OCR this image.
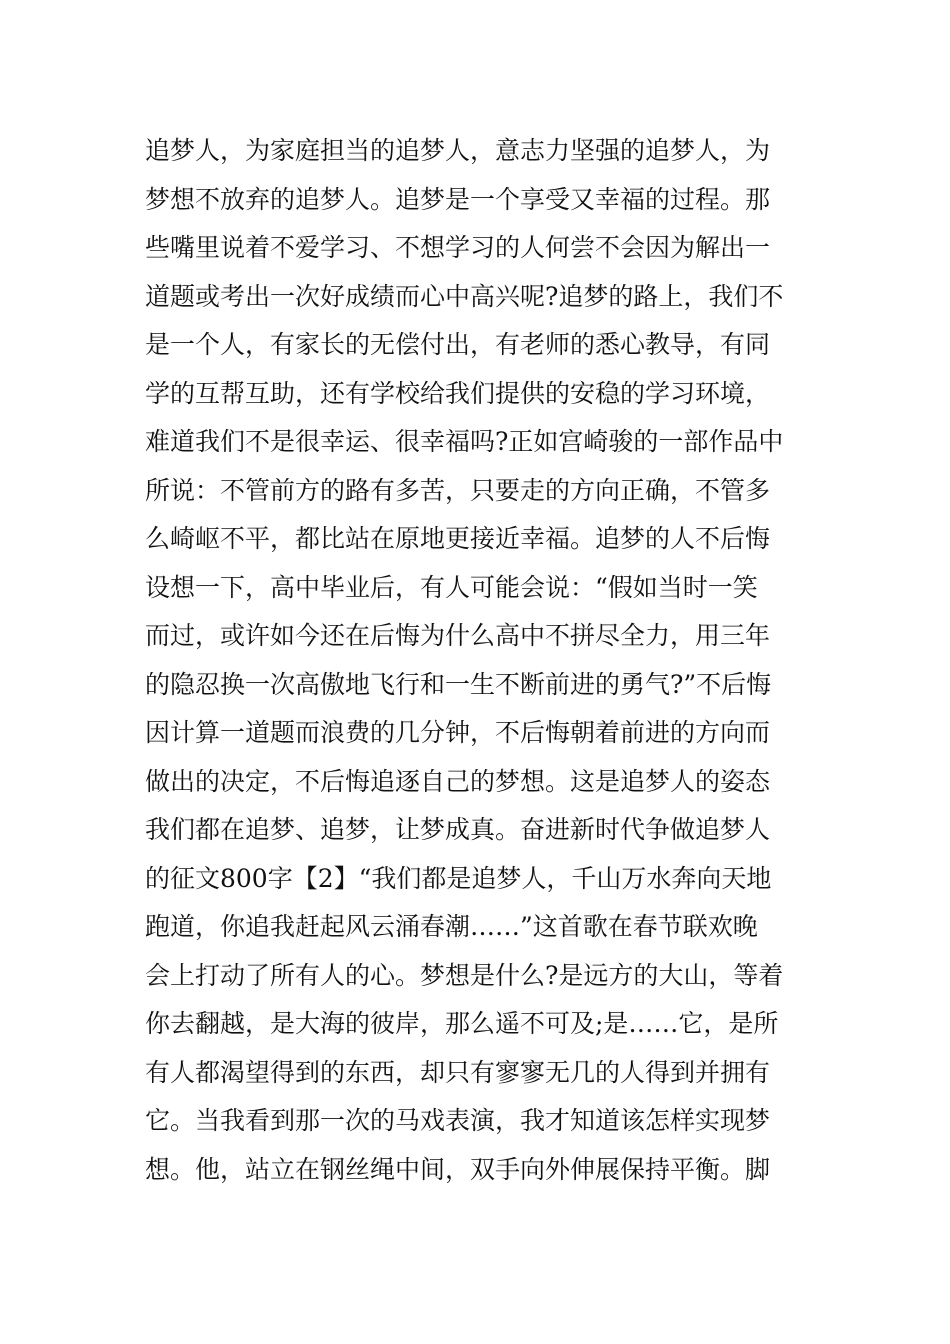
追梦人，为家庭担当的追梦人，意志力坚强的追梦人，为
梦想不放弃的追梦人。追梦是一个享受又幸福的过程。那
些嘴里说着不爱学习、不想学习的人何尝不会因为解出一
道题或考出一次好成绩而心中高兴呢?追梦的路上，我们不
是一个人，有家长的无偿付出，有老师的悉心教导，有同
学的互帮互助，还有学校给我们提供的安稳的学习环境，
难道我们不是很幸运、很幸福吗?正如宫崎骏的一部作品中
所说：不管前方的路有多苦，只要走的方向正确，不管多
么崎岖不平，都比站在原地更接近幸福。追梦的人不后悔
设想一下，高中毕业后，有人可能会说：“假如当时一笑
而过，或许如今还在后悔为什么高中不拼尽全力，用三年
的隐忍换一次高傲地飞行和一生不断前进的勇气?”不后悔
因计算一道题而浪费的几分钟，不后悔朝着前进的方向而
做出的决定，不后悔追逐自己的梦想。这是追梦人的姿态
我们都在追梦、追梦，让梦成真。奋进新时代争做追梦人
的征文800字【2】“我们都是追梦人，千山万水奔向天地
跑道，你追我赶起风云涌春潮……”这首歌在春节联欢晚
会上打动了所有人的心。梦想是什么?是远方的大山，等着
你去翻越，是大海的彼岸，那么遥不可及;是……它，是所
有人都渴望得到的东西，却只有寥寥无几的人得到并拥有
它。当我看到那一次的马戏表演，我才知道该怎样实现梦
想。他，站立在钢丝绳中间，双手向外伸展保持平衡。脚
